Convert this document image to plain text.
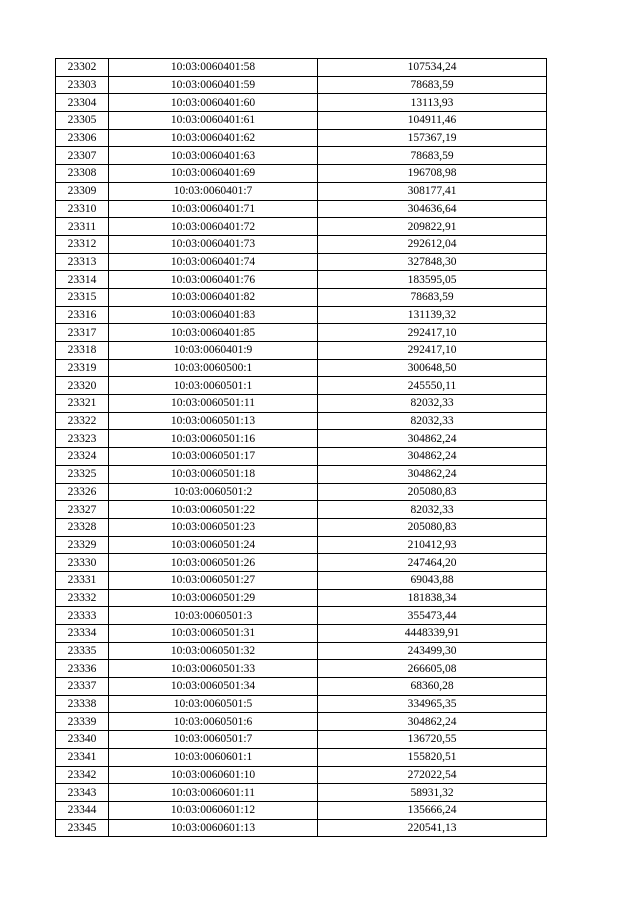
23302	10:03:0060401:58	107534,24
23303	10:03:0060401:59	78683,59
23304	10:03:0060401:60	13113,93
23305	10:03:0060401:61	104911,46
23306	10:03:0060401:62	157367,19
23307	10:03:0060401:63	78683,59
23308	10:03:0060401:69	196708,98
23309	10:03:0060401:7	308177,41
23310	10:03:0060401:71	304636,64
23311	10:03:0060401:72	209822,91
23312	10:03:0060401:73	292612,04
23313	10:03:0060401:74	327848,30
23314	10:03:0060401:76	183595,05
23315	10:03:0060401:82	78683,59
23316	10:03:0060401:83	131139,32
23317	10:03:0060401:85	292417,10
23318	10:03:0060401:9	292417,10
23319	10:03:0060500:1	300648,50
23320	10:03:0060501:1	245550,11
23321	10:03:0060501:11	82032,33
23322	10:03:0060501:13	82032,33
23323	10:03:0060501:16	304862,24
23324	10:03:0060501:17	304862,24
23325	10:03:0060501:18	304862,24
23326	10:03:0060501:2	205080,83
23327	10:03:0060501:22	82032,33
23328	10:03:0060501:23	205080,83
23329	10:03:0060501:24	210412,93
23330	10:03:0060501:26	247464,20
23331	10:03:0060501:27	69043,88
23332	10:03:0060501:29	181838,34
23333	10:03:0060501:3	355473,44
23334	10:03:0060501:31	4448339,91
23335	10:03:0060501:32	243499,30
23336	10:03:0060501:33	266605,08
23337	10:03:0060501:34	68360,28
23338	10:03:0060501:5	334965,35
23339	10:03:0060501:6	304862,24
23340	10:03:0060501:7	136720,55
23341	10:03:0060601:1	155820,51
23342	10:03:0060601:10	272022,54
23343	10:03:0060601:11	58931,32
23344	10:03:0060601:12	135666,24
23345	10:03:0060601:13	220541,13
